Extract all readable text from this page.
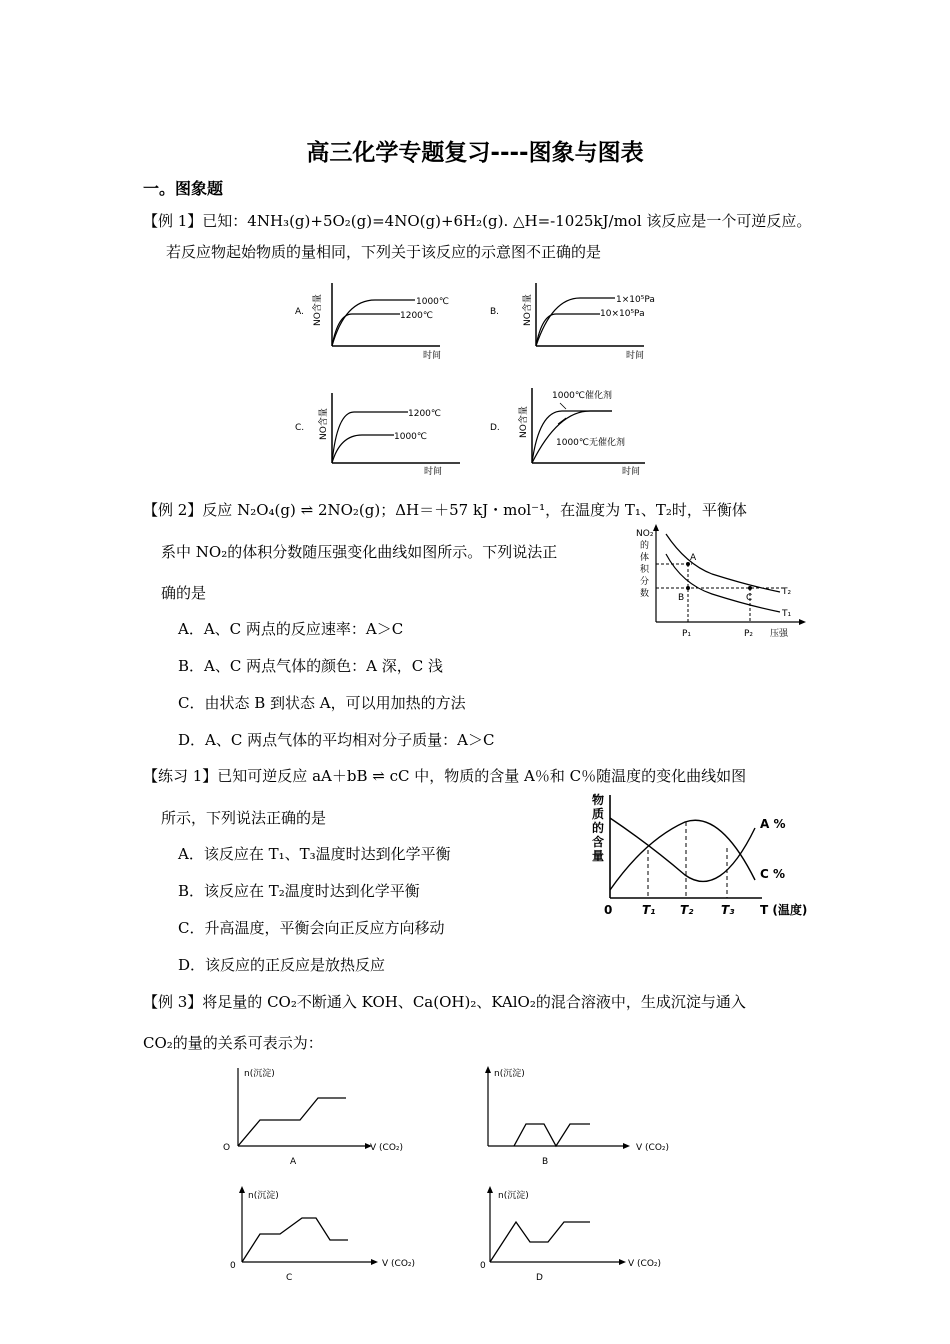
高三化学专题复习----图象与图表
一。图象题
【例 1】已知：4NH₃(g)+5O₂(g)=4NO(g)+6H₂(g). △H=-1025kJ/mol 该反应是一个可逆反应。
若反应物起始物质的量相同，下列关于该反应的示意图不正确的是
A. NO含量	1000℃
1200℃
时间
B.	NO含量	1×10⁵Pa
10×10⁵Pa
时间
C. NO含量	1200℃
1000℃
时间
D. NO含量
1000℃催化剂
1000℃无催化剂
时间
【例 2】反应 N₂O₄(g) ⇌ 2NO₂(g)；ΔH＝＋57 kJ・mol⁻¹，在温度为 T₁、T₂时，平衡体
系中 NO₂的体积分数随压强变化曲线如图所示。下列说法正
确的是
A．A、C 两点的反应速率：A＞C
B．A、C 两点气体的颜色：A 深，C 浅
C．由状态 B 到状态 A，可以用加热的方法
D．A、C 两点气体的平均相对分子质量：A＞C
NO₂
的
体
积
分
数
A
B	C
T₂
T₁
P₁	P₂ 压强
【练习 1】已知可逆反应 aA＋bB ⇌ cC 中，物质的含量 A％和 C％随温度的变化曲线如图
所示，下列说法正确的是
A．该反应在 T₁、T₃温度时达到化学平衡
B．该反应在 T₂温度时达到化学平衡
C．升高温度，平衡会向正反应方向移动
D．该反应的正反应是放热反应
物
质
的
含
量
A %
C %
0 T₁ T₂ T₃ T (温度)
【例 3】将足量的 CO₂不断通入 KOH、Ca(OH)₂、KAlO₂的混合溶液中，生成沉淀与通入
CO₂的量的关系可表示为：
n(沉淀)
O	V (CO₂)
A
n(沉淀)
V (CO₂)
B
n(沉淀)
0	V (CO₂)
C
n(沉淀)
0	V (CO₂)
D
